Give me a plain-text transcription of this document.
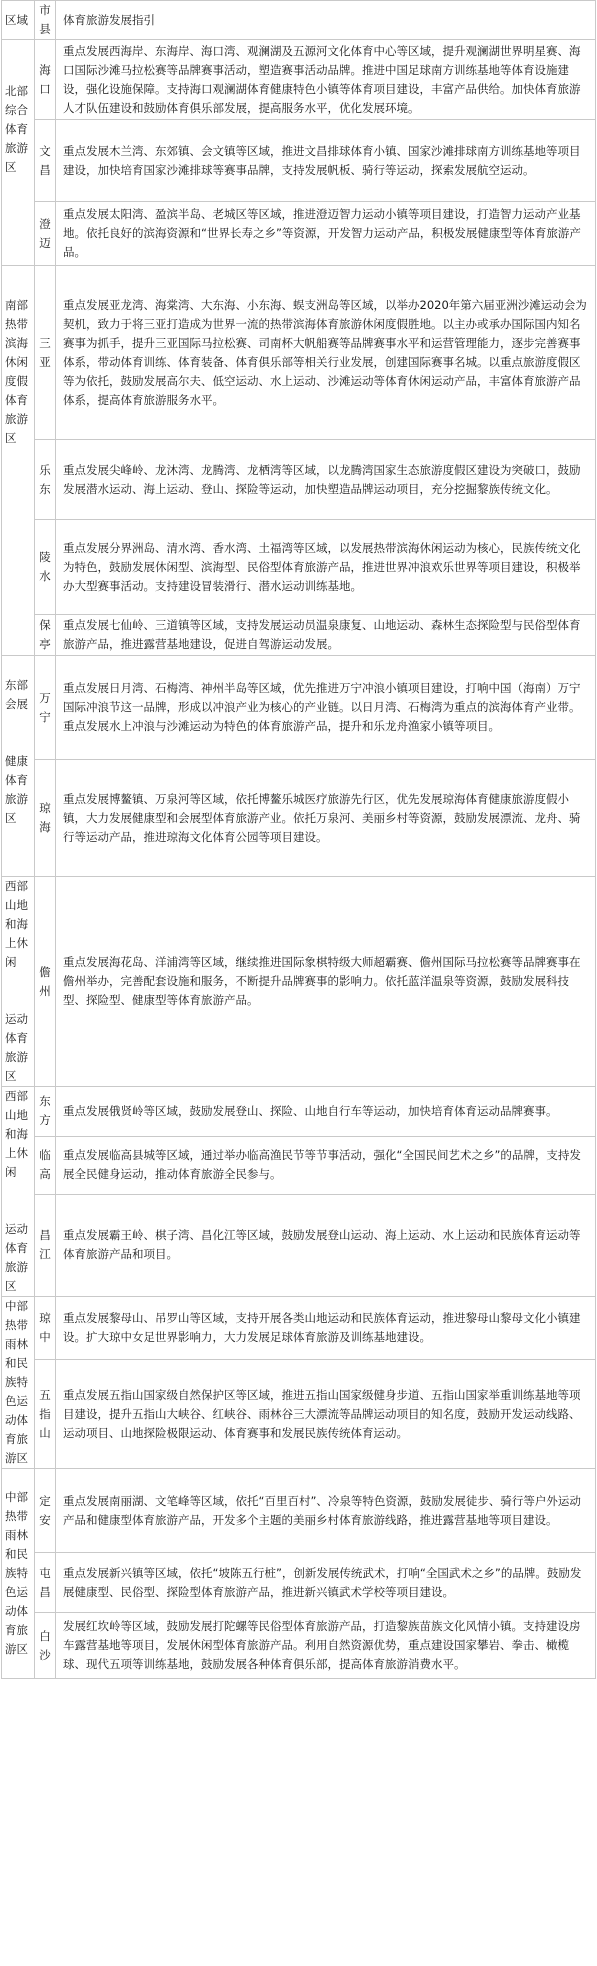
区域	市县	体育旅游发展指引

北部综合体育旅游区	海口	重点发展西海岸、东海岸、海口湾、观澜湖及五源河文化体育中心等区域，提升观澜湖世界明星赛、海口国际沙滩马拉松赛等品牌赛事活动，塑造赛事活动品牌。推进中国足球南方训练基地等体育设施建设，强化设施保障。支持海口观澜湖体育健康特色小镇等体育项目建设，丰富产品供给。加快体育旅游人才队伍建设和鼓励体育俱乐部发展，提高服务水平，优化发展环境。
	文昌	重点发展木兰湾、东郊镇、会文镇等区域，推进文昌排球体育小镇、国家沙滩排球南方训练基地等项目建设，加快培育国家沙滩排球等赛事品牌，支持发展帆板、骑行等运动，探索发展航空运动。
	澄迈	重点发展太阳湾、盈滨半岛、老城区等区域，推进澄迈智力运动小镇等项目建设，打造智力运动产业基地。依托良好的滨海资源和“世界长寿之乡”等资源，开发智力运动产品，积极发展健康型等体育旅游产品。

南部热带滨海休闲度假体育旅游区	三亚	重点发展亚龙湾、海棠湾、大东海、小东海、蜈支洲岛等区域，以举办2020年第六届亚洲沙滩运动会为契机，致力于将三亚打造成为世界一流的热带滨海体育旅游休闲度假胜地。以主办或承办国际国内知名赛事为抓手，提升三亚国际马拉松赛、司南杯大帆船赛等品牌赛事水平和运营管理能力，逐步完善赛事体系，带动体育训练、体育装备、体育俱乐部等相关行业发展，创建国际赛事名城。以重点旅游度假区等为依托，鼓励发展高尔夫、低空运动、水上运动、沙滩运动等体育休闲运动产品，丰富体育旅游产品体系，提高体育旅游服务水平。
	乐东	重点发展尖峰岭、龙沐湾、龙腾湾、龙栖湾等区域，以龙腾湾国家生态旅游度假区建设为突破口，鼓励发展潜水运动、海上运动、登山、探险等运动，加快塑造品牌运动项目，充分挖掘黎族传统文化。
	陵水	重点发展分界洲岛、清水湾、香水湾、土福湾等区域，以发展热带滨海休闲运动为核心，民族传统文化为特色，鼓励发展休闲型、滨海型、民俗型体育旅游产品，推进世界冲浪欢乐世界等项目建设，积极举办大型赛事活动。支持建设冒装滑行、潜水运动训练基地。
	保亭	重点发展七仙岭、三道镇等区域，支持发展运动员温泉康复、山地运动、森林生态探险型与民俗型体育旅游产品，推进露营基地建设，促进自驾游运动发展。

东部会展
健康体育旅游区	万宁	重点发展日月湾、石梅湾、神州半岛等区域，优先推进万宁冲浪小镇项目建设，打响中国（海南）万宁国际冲浪节这一品牌，形成以冲浪产业为核心的产业链。以日月湾、石梅湾为重点的滨海体育产业带。重点发展水上冲浪与沙滩运动为特色的体育旅游产品，提升和乐龙舟渔家小镇等项目。
	琼海	重点发展博鳌镇、万泉河等区域，依托博鳌乐城医疗旅游先行区，优先发展琼海体育健康旅游度假小镇，大力发展健康型和会展型体育旅游产业。依托万泉河、美丽乡村等资源，鼓励发展漂流、龙舟、骑行等运动产品，推进琼海文化体育公园等项目建设。

西部山地和海上休闲
运动体育旅游区	儋州	重点发展海花岛、洋浦湾等区域，继续推进国际象棋特级大师超霸赛、儋州国际马拉松赛等品牌赛事在儋州举办，完善配套设施和服务，不断提升品牌赛事的影响力。依托蓝洋温泉等资源，鼓励发展科技型、探险型、健康型等体育旅游产品。

西部山地和海上休闲
运动体育旅游区	东方	重点发展俄贤岭等区域，鼓励发展登山、探险、山地自行车等运动，加快培育体育运动品牌赛事。
	临高	重点发展临高县城等区域，通过举办临高渔民节等节事活动，强化“全国民间艺术之乡”的品牌，支持发展全民健身运动，推动体育旅游全民参与。
	昌江	重点发展霸王岭、棋子湾、昌化江等区域，鼓励发展登山运动、海上运动、水上运动和民族体育运动等体育旅游产品和项目。

中部热带雨林和民族特色运动体育旅游区	琼中	重点发展黎母山、吊罗山等区域，支持开展各类山地运动和民族体育运动，推进黎母山黎母文化小镇建设。扩大琼中女足世界影响力，大力发展足球体育旅游及训练基地建设。
	五指山	重点发展五指山国家级自然保护区等区域，推进五指山国家级健身步道、五指山国家举重训练基地等项目建设，提升五指山大峡谷、红峡谷、雨林谷三大漂流等品牌运动项目的知名度，鼓励开发运动线路、运动项目、山地探险极限运动、体育赛事和发展民族传统体育运动。

中部热带雨林和民族特色运动体育旅游区	定安	重点发展南丽湖、文笔峰等区域，依托“百里百村”、冷泉等特色资源，鼓励发展徒步、骑行等户外运动产品和健康型体育旅游产品，开发多个主题的美丽乡村体育旅游线路，推进露营基地等项目建设。
	屯昌	重点发展新兴镇等区域，依托“坡陈五行桩”，创新发展传统武术，打响“全国武术之乡”的品牌。鼓励发展健康型、民俗型、探险型体育旅游产品，推进新兴镇武术学校等项目建设。
	白沙	发展红坎岭等区域，鼓励发展打陀螺等民俗型体育旅游产品，打造黎族苗族文化风情小镇。支持建设房车露营基地等项目，发展休闲型体育旅游产品。利用自然资源优势，重点建设国家攀岩、拳击、橄榄球、现代五项等训练基地，鼓励发展各种体育俱乐部，提高体育旅游消费水平。
